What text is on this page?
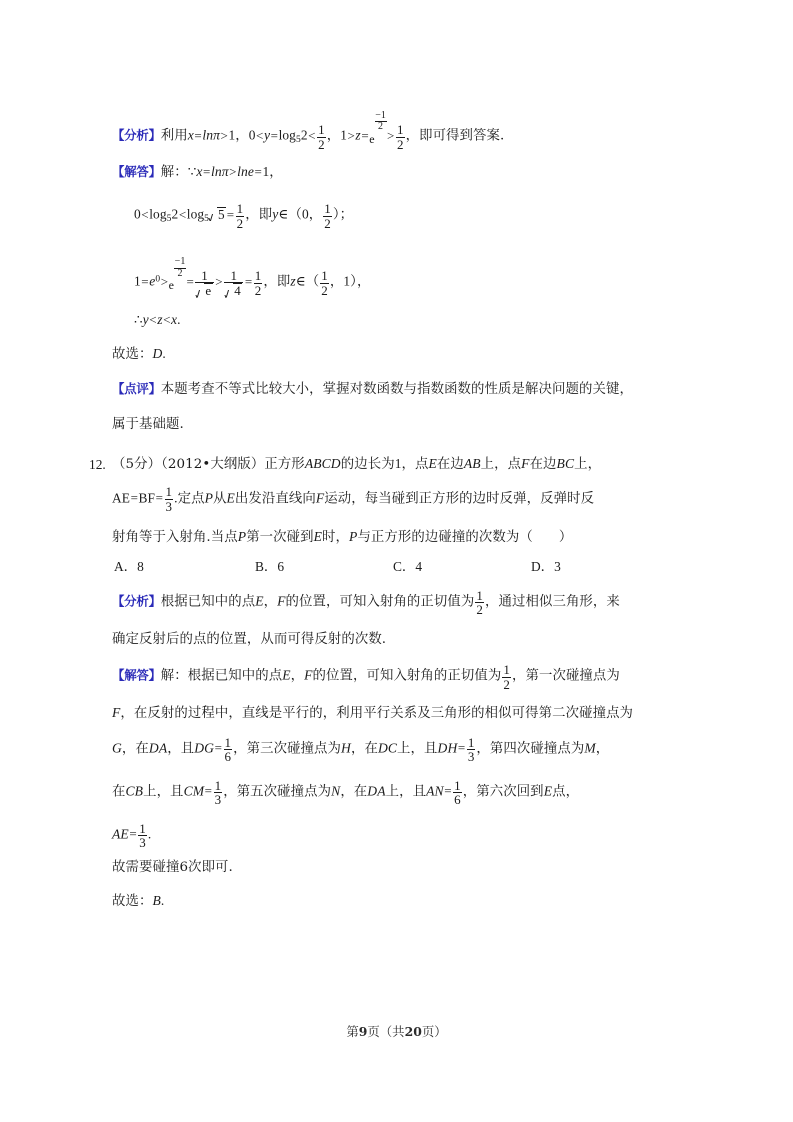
【分析】利用x=lnπ>1，$0<y=\log_52< \frac{1}{2}$ ，1>z=e
$\frac{-1}{2}$
> $\frac{1}{2}$ ，即可得到答案.
【解答】解：∵x=lnπ>lne=1，
$0<\log_52<\log_5$ $5 = \frac{1}{2}$ ，即y∈（0， $\frac{1}{2}$ ）；
$1=e^0>e$
$\frac{-1}{2}$
= $\frac{1}{e} > \frac{1}{4} = \frac{1}{2}$ ，即z∈（ $\frac{1}{2}$ ，1），
∴y<z<x.
故选：D.
【点评】本题考查不等式比较大小，掌握对数函数与指数函数的性质是解决问题的关键，
属于基础题.
12. （5分）（2012•大纲版）正方形ABCD的边长为1，点E在边AB上，点F在边BC上，
$AE=BF= \frac{1}{3}$ .定点P从E出发沿直线向F运动，每当碰到正方形的边时反弹，反弹时反
射角等于入射角.当点P第一次碰到E时，P与正方形的边碰撞的次数为（ ）
A．8	B．6	C．4	D．3
【分析】根据已知中的点E，F的位置，可知入射角的正切值为 $\frac{1}{2}$ ，通过相似三角形，来
确定反射后的点的位置，从而可得反射的次数.
【解答】解：根据已知中的点E，F的位置，可知入射角的正切值为 $\frac{1}{2}$ ，第一次碰撞点为
F，在反射的过程中，直线是平行的，利用平行关系及三角形的相似可得第二次碰撞点为
G，在DA，且$DG= \frac{1}{6}$ ，第三次碰撞点为H，在DC上，且$DH= \frac{1}{3}$ ，第四次碰撞点为M，
在CB上，且$CM= \frac{1}{3}$ ，第五次碰撞点为N，在DA上，且$AN= \frac{1}{6}$ ，第六次回到E点，
$AE= \frac{1}{3}$ .
故需要碰撞6次即可.
故选：B.
第9页（共20页）
